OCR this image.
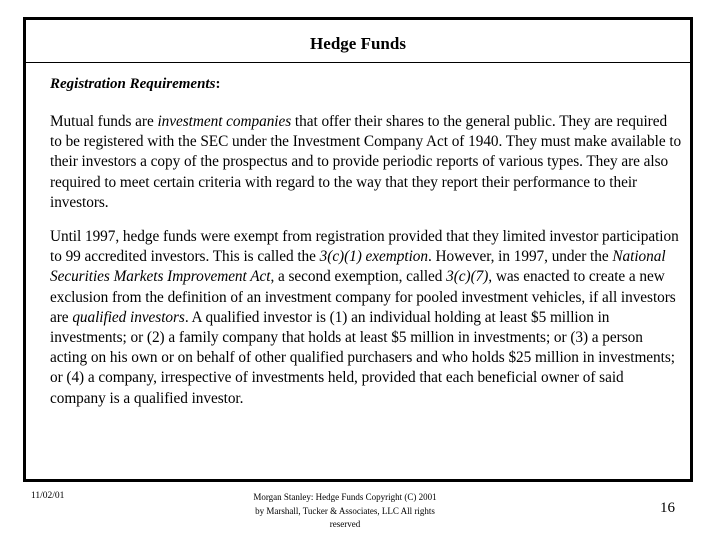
Hedge Funds

Registration Requirements:

Mutual funds are investment companies that offer their shares to the general public. They are required to be registered with the SEC under the Investment Company Act of 1940. They must make available to their investors a copy of the prospectus and to provide periodic reports of various types. They are also required to meet certain criteria with regard to the way that they report their performance to their investors.

Until 1997, hedge funds were exempt from registration provided that they limited investor participation to 99 accredited investors. This is called the 3(c)(1) exemption. However, in 1997, under the National Securities Markets Improvement Act, a second exemption, called 3(c)(7), was enacted to create a new exclusion from the definition of an investment company for pooled investment vehicles, if all investors are qualified investors. A qualified investor is (1) an individual holding at least $5 million in investments; or (2) a family company that holds at least $5 million in investments; or (3) a person acting on his own or on behalf of other qualified purchasers and who holds $25 million in investments; or (4) a company, irrespective of investments held, provided that each beneficial owner of said company is a qualified investor.

11/02/01	Morgan Stanley: Hedge Funds Copyright (C) 2001
by Marshall, Tucker & Associates, LLC All rights
reserved
16
